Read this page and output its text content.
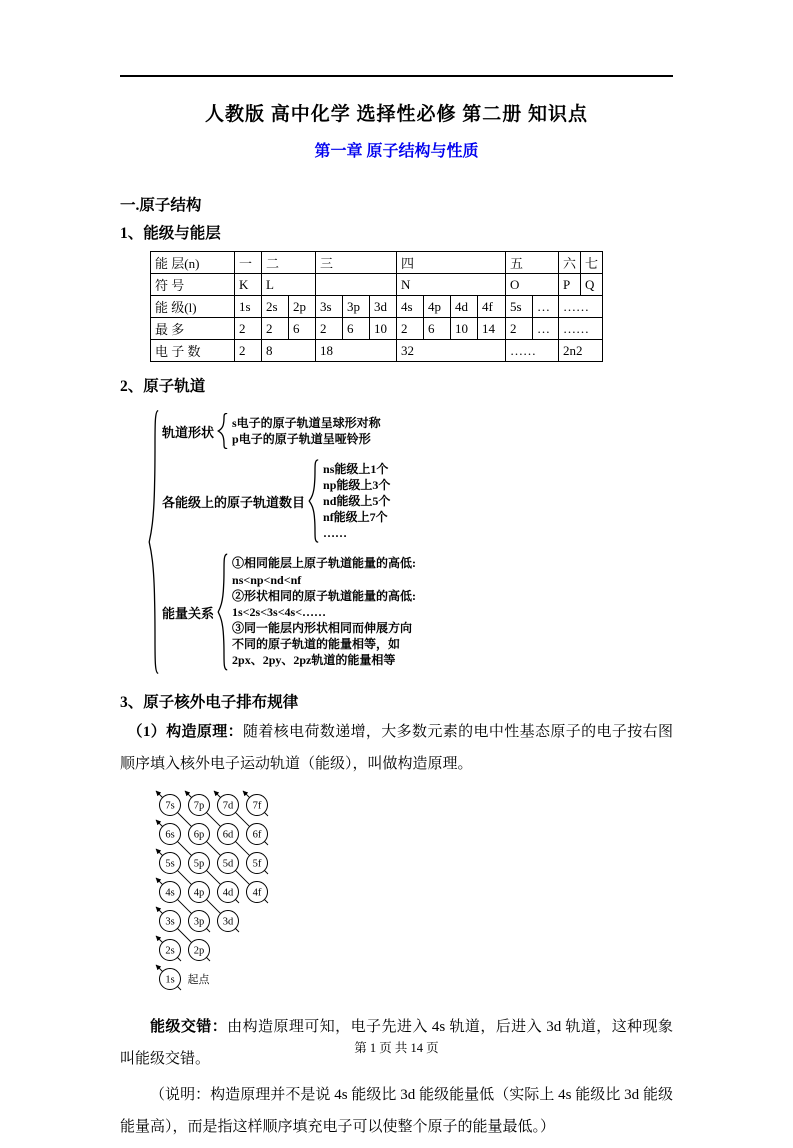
人教版 高中化学 选择性必修 第二册 知识点
第一章 原子结构与性质
一.原子结构
1、能级与能层
能 层(n)	一	二		三			四				五		六	七
符 号	K	L					N				O		P	Q
能 级(l)	1s	2s	2p	3s	3p	3d	4s	4p	4d	4f	5s	…	……	
最 多	2	2	6	2	6	10	2	6	10	14	2	…	……	
电 子 数	2	8		18			32				……		2n2	
2、原子轨道
轨道形状
s电子的原子轨道呈球形对称
p电子的原子轨道呈哑铃形
各能级上的原子轨道数目
ns能级上1个
np能级上3个
nd能级上5个
nf能级上7个
……
能量关系
①相同能层上原子轨道能量的高低:
ns<np<nd<nf
②形状相同的原子轨道能量的高低:
1s<2s<3s<4s<……
③同一能层内形状相同而伸展方向
不同的原子轨道的能量相等，如
2px、2py、2pz轨道的能量相等
3、原子核外电子排布规律

（1）构造原理：随着核电荷数递增，大多数元素的电中性基态原子的电子按右图顺序填入核外电子运动轨道（能级），叫做构造原理。

7s 7p 7d 7f
6s 6p 6d 6f
5s 5p 5d 5f
4s 4p 4d 4f
3s 3p 3d
2s 2p
1s 起点

能级交错：由构造原理可知，电子先进入 4s 轨道，后进入 3d 轨道，这种现象叫能级交错。

（说明：构造原理并不是说 4s 能级比 3d 能级能量低（实际上 4s 能级比 3d 能级能量高），而是指这样顺序填充电子可以使整个原子的能量最低。）

第 1 页 共 14 页
